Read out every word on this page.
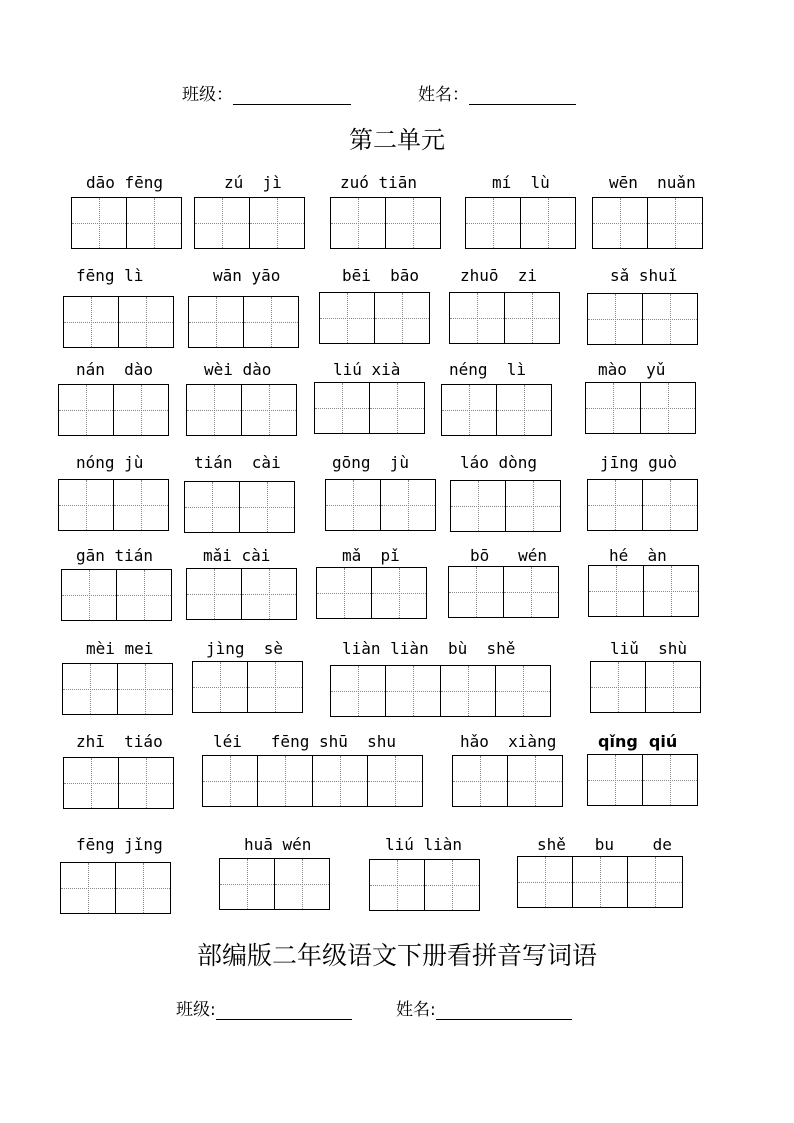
班级：	姓名：
第二单元
dāo fēng	zú  jì	zuó tiān	mí  lù	wēn  nuǎn
fēng lì	wān yāo	bēi  bāo	zhuō  zi	sǎ shuǐ
nán  dào	wèi dào	liú xià	néng  lì	mào  yǔ
nóng jù	tián  cài	gōng  jù	láo dòng	jīng guò
gān tián	mǎi cài	mǎ  pǐ	bō   wén	hé  àn
mèi mei	jìng  sè	liàn liàn  bù  shě	liǔ  shù
zhī  tiáo	léi   fēng shū  shu	hǎo  xiàng	qǐng  qiú
fēng jǐng	huā wén	liú liàn	shě   bu    de
部编版二年级语文下册看拼音写词语
班级:	姓名:
